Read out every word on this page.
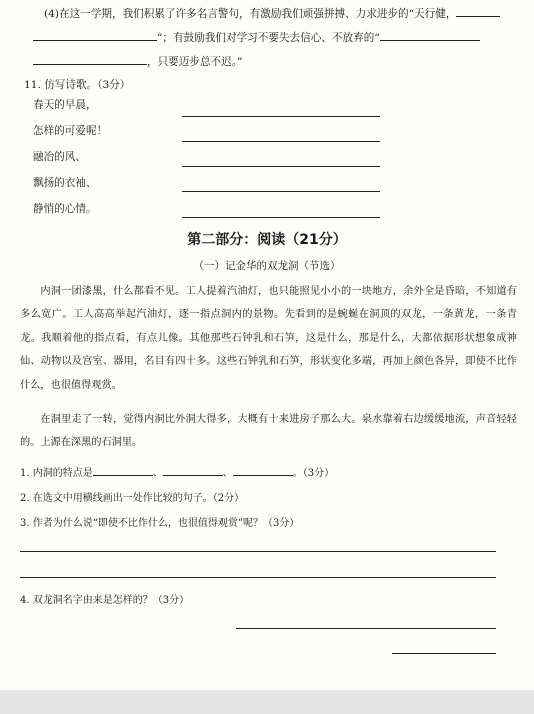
(4)在这一学期，我们积累了许多名言警句，有激励我们顽强拼搏、力求进步的“天行健，
”；有鼓励我们对学习不要失去信心、不放弃的“
，只要迈步总不迟。”
11. 仿写诗歌。（3分）
春天的早晨，
怎样的可爱呢！
融冶的风、
飘扬的衣袖、
静悄的心情。
第二部分：阅读（21分）
（一）记金华的双龙洞（节选）

内洞一团漆黑，什么都看不见。工人提着汽油灯，也只能照见小小的一块地方，余外全是昏暗，不知道有多么宽广。工人高高举起汽油灯，逐一指点洞内的景物。先看到的是蜿蜒在洞顶的双龙，一条黄龙，一条青龙。我顺着他的指点看，有点儿像。其他那些石钟乳和石笋，这是什么，那是什么，大都依据形状想象成神仙、动物以及宫室、器用，名目有四十多。这些石钟乳和石笋，形状变化多端，再加上颜色各异，即使不比作什么，也很值得观赏。

在洞里走了一转，觉得内洞比外洞大得多，大概有十来进房子那么大。泉水靠着右边缓缓地流，声音轻轻的。上源在深黑的石洞里。

1. 内洞的特点是	、	、	。（3分）
2. 在选文中用横线画出一处作比较的句子。（2分）
3. 作者为什么说“即使不比作什么，也很值得观赏”呢？（3分）
4. 双龙洞名字由来是怎样的？（3分）
